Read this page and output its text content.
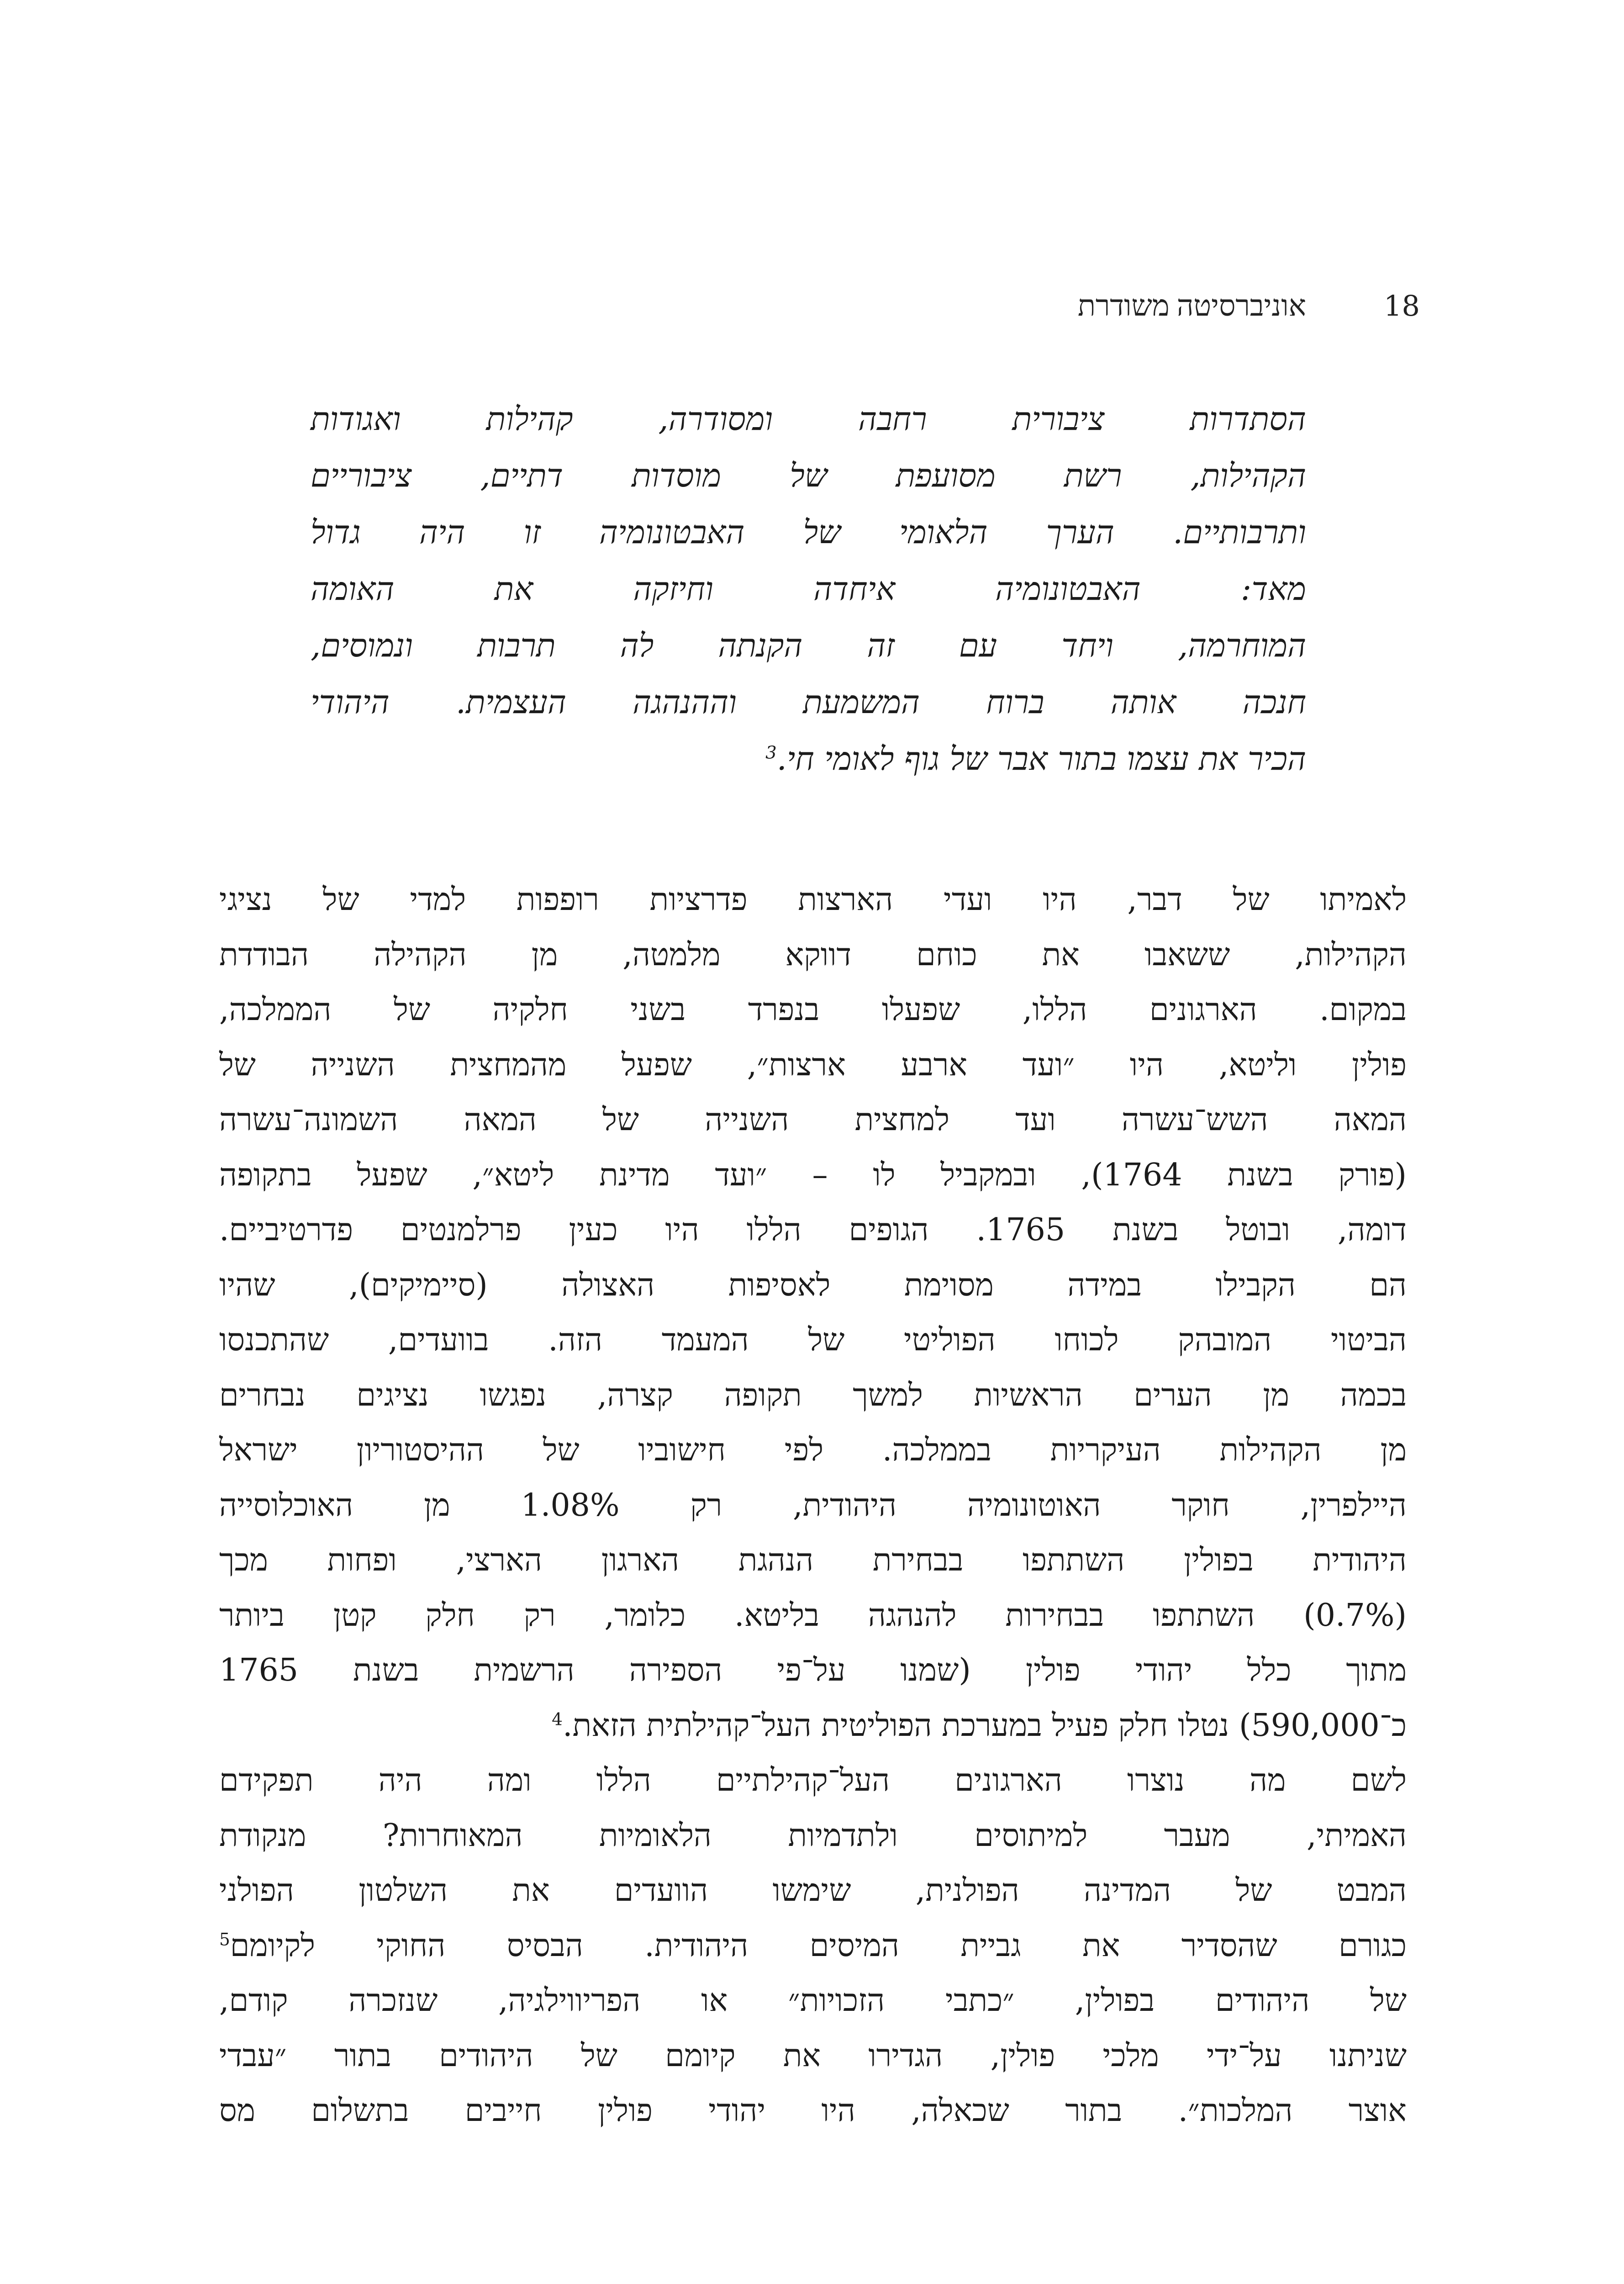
18
אוניברסיטה משודרת
הסתדרות ציבורית רחבה ומסודרה, קהילות ואגודות
הקהילות, רשת מסועפת של מוסדות דתיים, ציבוריים
ותרבותיים. הערך הלאומי של האבטונומיה זו היה גדול
מאד: האבטונומיה איחדה וחיזקה את האומה
המוחרמה, ויחד עם זה הקנתה לה תרבות ונמוסים,
חנכה אותה ברוח המשמעת וההנהגה העצמית. היהודי
הכיר את עצמו בתור אבר של גוף לאומי חי.$^3$
לאמיתו של דבר, היו ועדי הארצות פדרציות רופפות למדי של נציגי
הקהילות, ששאבו את כוחם דווקא מלמטה, מן הקהילה הבודדת
במקום. הארגונים הללו, שפעלו בנפרד בשני חלקיה של הממלכה,
פולין וליטא, היו ״ועד ארבע ארצות״, שפעל מהמחצית השנייה של
המאה השש־עשרה ועד למחצית השנייה של המאה השמונה־עשרה
(פורק בשנת 1764), ובמקביל לו – ״ועד מדינת ליטא״, שפעל בתקופה
דומה, ובוטל בשנת 1765. הגופים הללו היו כעין פרלמנטים פדרטיביים.
הם הקבילו במידה מסוימת לאסיפות האצולה (סיימיקים), שהיו
הביטוי המובהק לכוחו הפוליטי של המעמד הזה. בוועדים, שהתכנסו
בכמה מן הערים הראשיות למשך תקופה קצרה, נפגשו נציגים נבחרים
מן הקהילות העיקריות בממלכה. לפי חישוביו של ההיסטוריון ישראל
היילפרין, חוקר האוטונומיה היהודית, רק 1.08% מן האוכלוסייה
היהודית בפולין השתתפו בבחירת הנהגת הארגון הארצי, ופחות מכך
(0.7%) השתתפו בבחירות להנהגה בליטא. כלומר, רק חלק קטן ביותר
מתוך כלל יהודי פולין (שמנו על־פי הספירה הרשמית בשנת 1765
כ־590,000) נטלו חלק פעיל במערכת הפוליטית העל־קהילתית הזאת.$^4$
לשם מה נוצרו הארגונים העל־קהילתיים הללו ומה היה תפקידם
האמיתי, מעבר למיתוסים ולתדמיות הלאומיות המאוחרות? מנקודת
המבט של המדינה הפולנית, שימשו הוועדים את השלטון הפולני
כגורם שהסדיר את גביית המיסים היהודית. הבסיס החוקי לקיומם$^5$
של היהודים בפולין, ״כתבי הזכויות״ או הפריווילגיה, שנזכרה קודם,
שניתנו על־ידי מלכי פולין, הגדירו את קיומם של היהודים בתור ״עבדי
אוצר המלכות״. בתור שכאלה, היו יהודי פולין חייבים בתשלום מס
